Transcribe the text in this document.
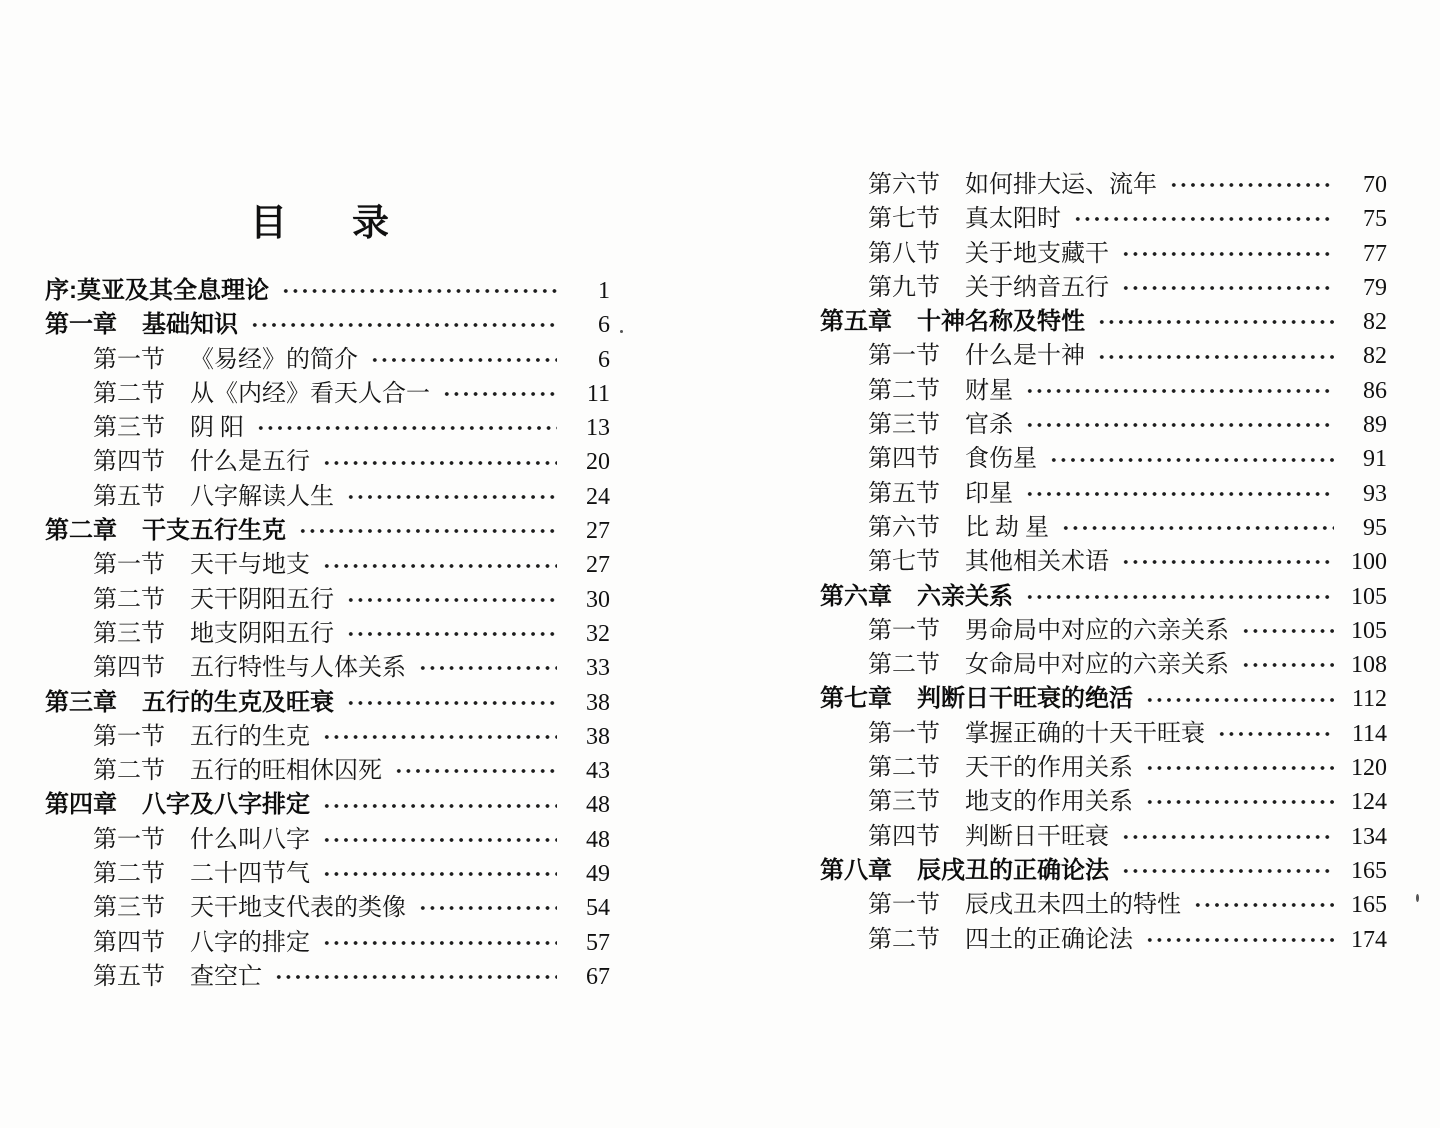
目　录
序:莫亚及其全息理论	1
第一章 基础知识	6
第一节 《易经》的简介	6
第二节 从《内经》看天人合一	11
第三节 阴 阳	13
第四节 什么是五行	20
第五节 八字解读人生	24
第二章 干支五行生克	27
第一节 天干与地支	27
第二节 天干阴阳五行	30
第三节 地支阴阳五行	32
第四节 五行特性与人体关系	33
第三章 五行的生克及旺衰	38
第一节 五行的生克	38
第二节 五行的旺相休囚死	43
第四章 八字及八字排定	48
第一节 什么叫八字	48
第二节 二十四节气	49
第三节 天干地支代表的类像	54
第四节 八字的排定	57
第五节 查空亡	67
第六节 如何排大运、流年	70
第七节 真太阳时	75
第八节 关于地支藏干	77
第九节 关于纳音五行	79
第五章 十神名称及特性	82
第一节 什么是十神	82
第二节 财星	86
第三节 官杀	89
第四节 食伤星	91
第五节 印星	93
第六节 比 劫 星	95
第七节 其他相关术语	100
第六章 六亲关系	105
第一节 男命局中对应的六亲关系	105
第二节 女命局中对应的六亲关系	108
第七章 判断日干旺衰的绝活	112
第一节 掌握正确的十天干旺衰	114
第二节 天干的作用关系	120
第三节 地支的作用关系	124
第四节 判断日干旺衰	134
第八章 辰戌丑的正确论法	165
第一节 辰戌丑未四土的特性	165
第二节 四土的正确论法	174
